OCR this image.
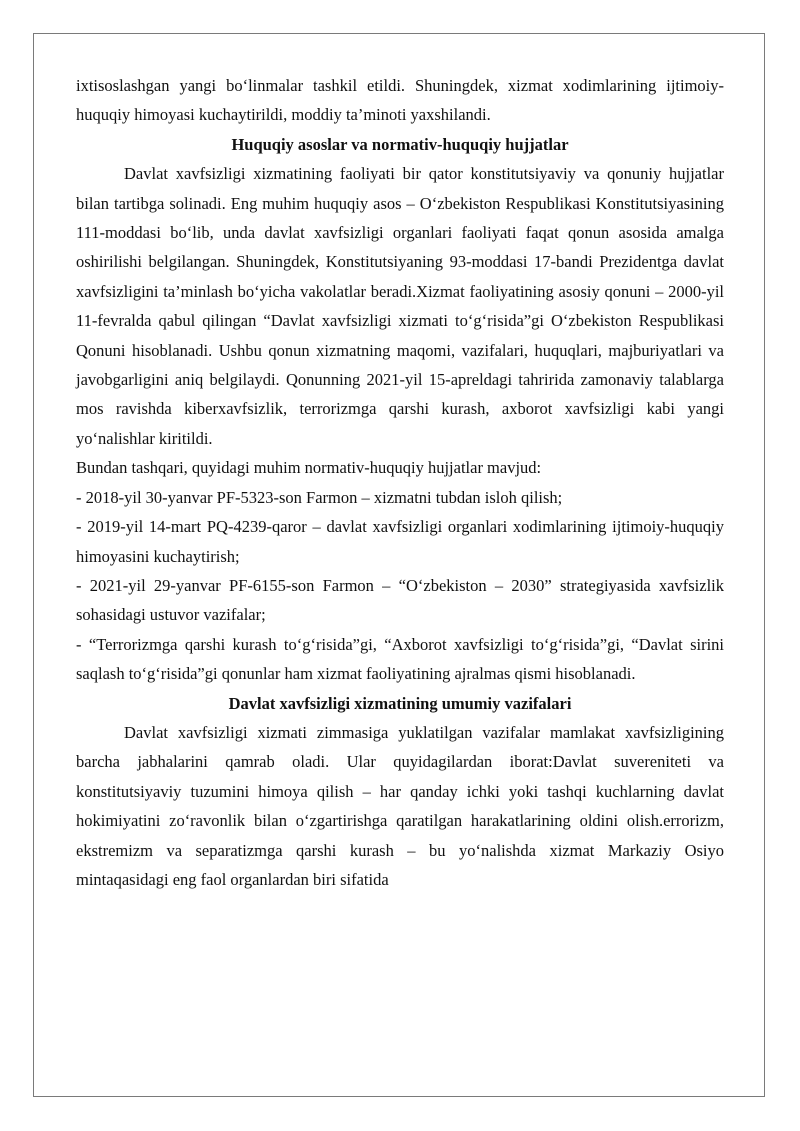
ixtisoslashgan yangi bo‘linmalar tashkil etildi. Shuningdek, xizmat xodimlarining ijtimoiy-huquqiy himoyasi kuchaytirildi, moddiy ta’minoti yaxshilandi.

Huquqiy asoslar va normativ-huquqiy hujjatlar

Davlat xavfsizligi xizmatining faoliyati bir qator konstitutsiyaviy va qonuniy hujjatlar bilan tartibga solinadi. Eng muhim huquqiy asos – O‘zbekiston Respublikasi Konstitutsiyasining 111-moddasi bo‘lib, unda davlat xavfsizligi organlari faoliyati faqat qonun asosida amalga oshirilishi belgilangan. Shuningdek, Konstitutsiyaning 93-moddasi 17-bandi Prezidentga davlat xavfsizligini ta’minlash bo‘yicha vakolatlar beradi.Xizmat faoliyatining asosiy qonuni – 2000-yil 11-fevralda qabul qilingan “Davlat xavfsizligi xizmati to‘g‘risida”gi O‘zbekiston Respublikasi Qonuni hisoblanadi. Ushbu qonun xizmatning maqomi, vazifalari, huquqlari, majburiyatlari va javobgarligini aniq belgilaydi. Qonunning 2021-yil 15-apreldagi tahririda zamonaviy talablarga mos ravishda kiberxavfsizlik, terrorizmga qarshi kurash, axborot xavfsizligi kabi yangi yo‘nalishlar kiritildi.

Bundan tashqari, quyidagi muhim normativ-huquqiy hujjatlar mavjud:

- 2018-yil 30-yanvar PF-5323-son Farmon – xizmatni tubdan isloh qilish;
- 2019-yil 14-mart PQ-4239-qaror – davlat xavfsizligi organlari xodimlarining ijtimoiy-huquqiy himoyasini kuchaytirish;
- 2021-yil 29-yanvar PF-6155-son Farmon – “O‘zbekiston – 2030” strategiyasida xavfsizlik sohasidagi ustuvor vazifalar;
- “Terrorizmga qarshi kurash to‘g‘risida”gi, “Axborot xavfsizligi to‘g‘risida”gi, “Davlat sirini saqlash to‘g‘risida”gi qonunlar ham xizmat faoliyatining ajralmas qismi hisoblanadi.
Davlat xavfsizligi xizmatining umumiy vazifalari

Davlat xavfsizligi xizmati zimmasiga yuklatilgan vazifalar mamlakat xavfsizligining barcha jabhalarini qamrab oladi. Ular quyidagilardan iborat:Davlat suvereniteti va konstitutsiyaviy tuzumini himoya qilish – har qanday ichki yoki tashqi kuchlarning davlat hokimiyatini zo‘ravonlik bilan o‘zgartirishga qaratilgan harakatlarining oldini olish.errorizm, ekstremizm va separatizmga qarshi kurash – bu yo‘nalishda xizmat Markaziy Osiyo mintaqasidagi eng faol organlardan biri sifatida
